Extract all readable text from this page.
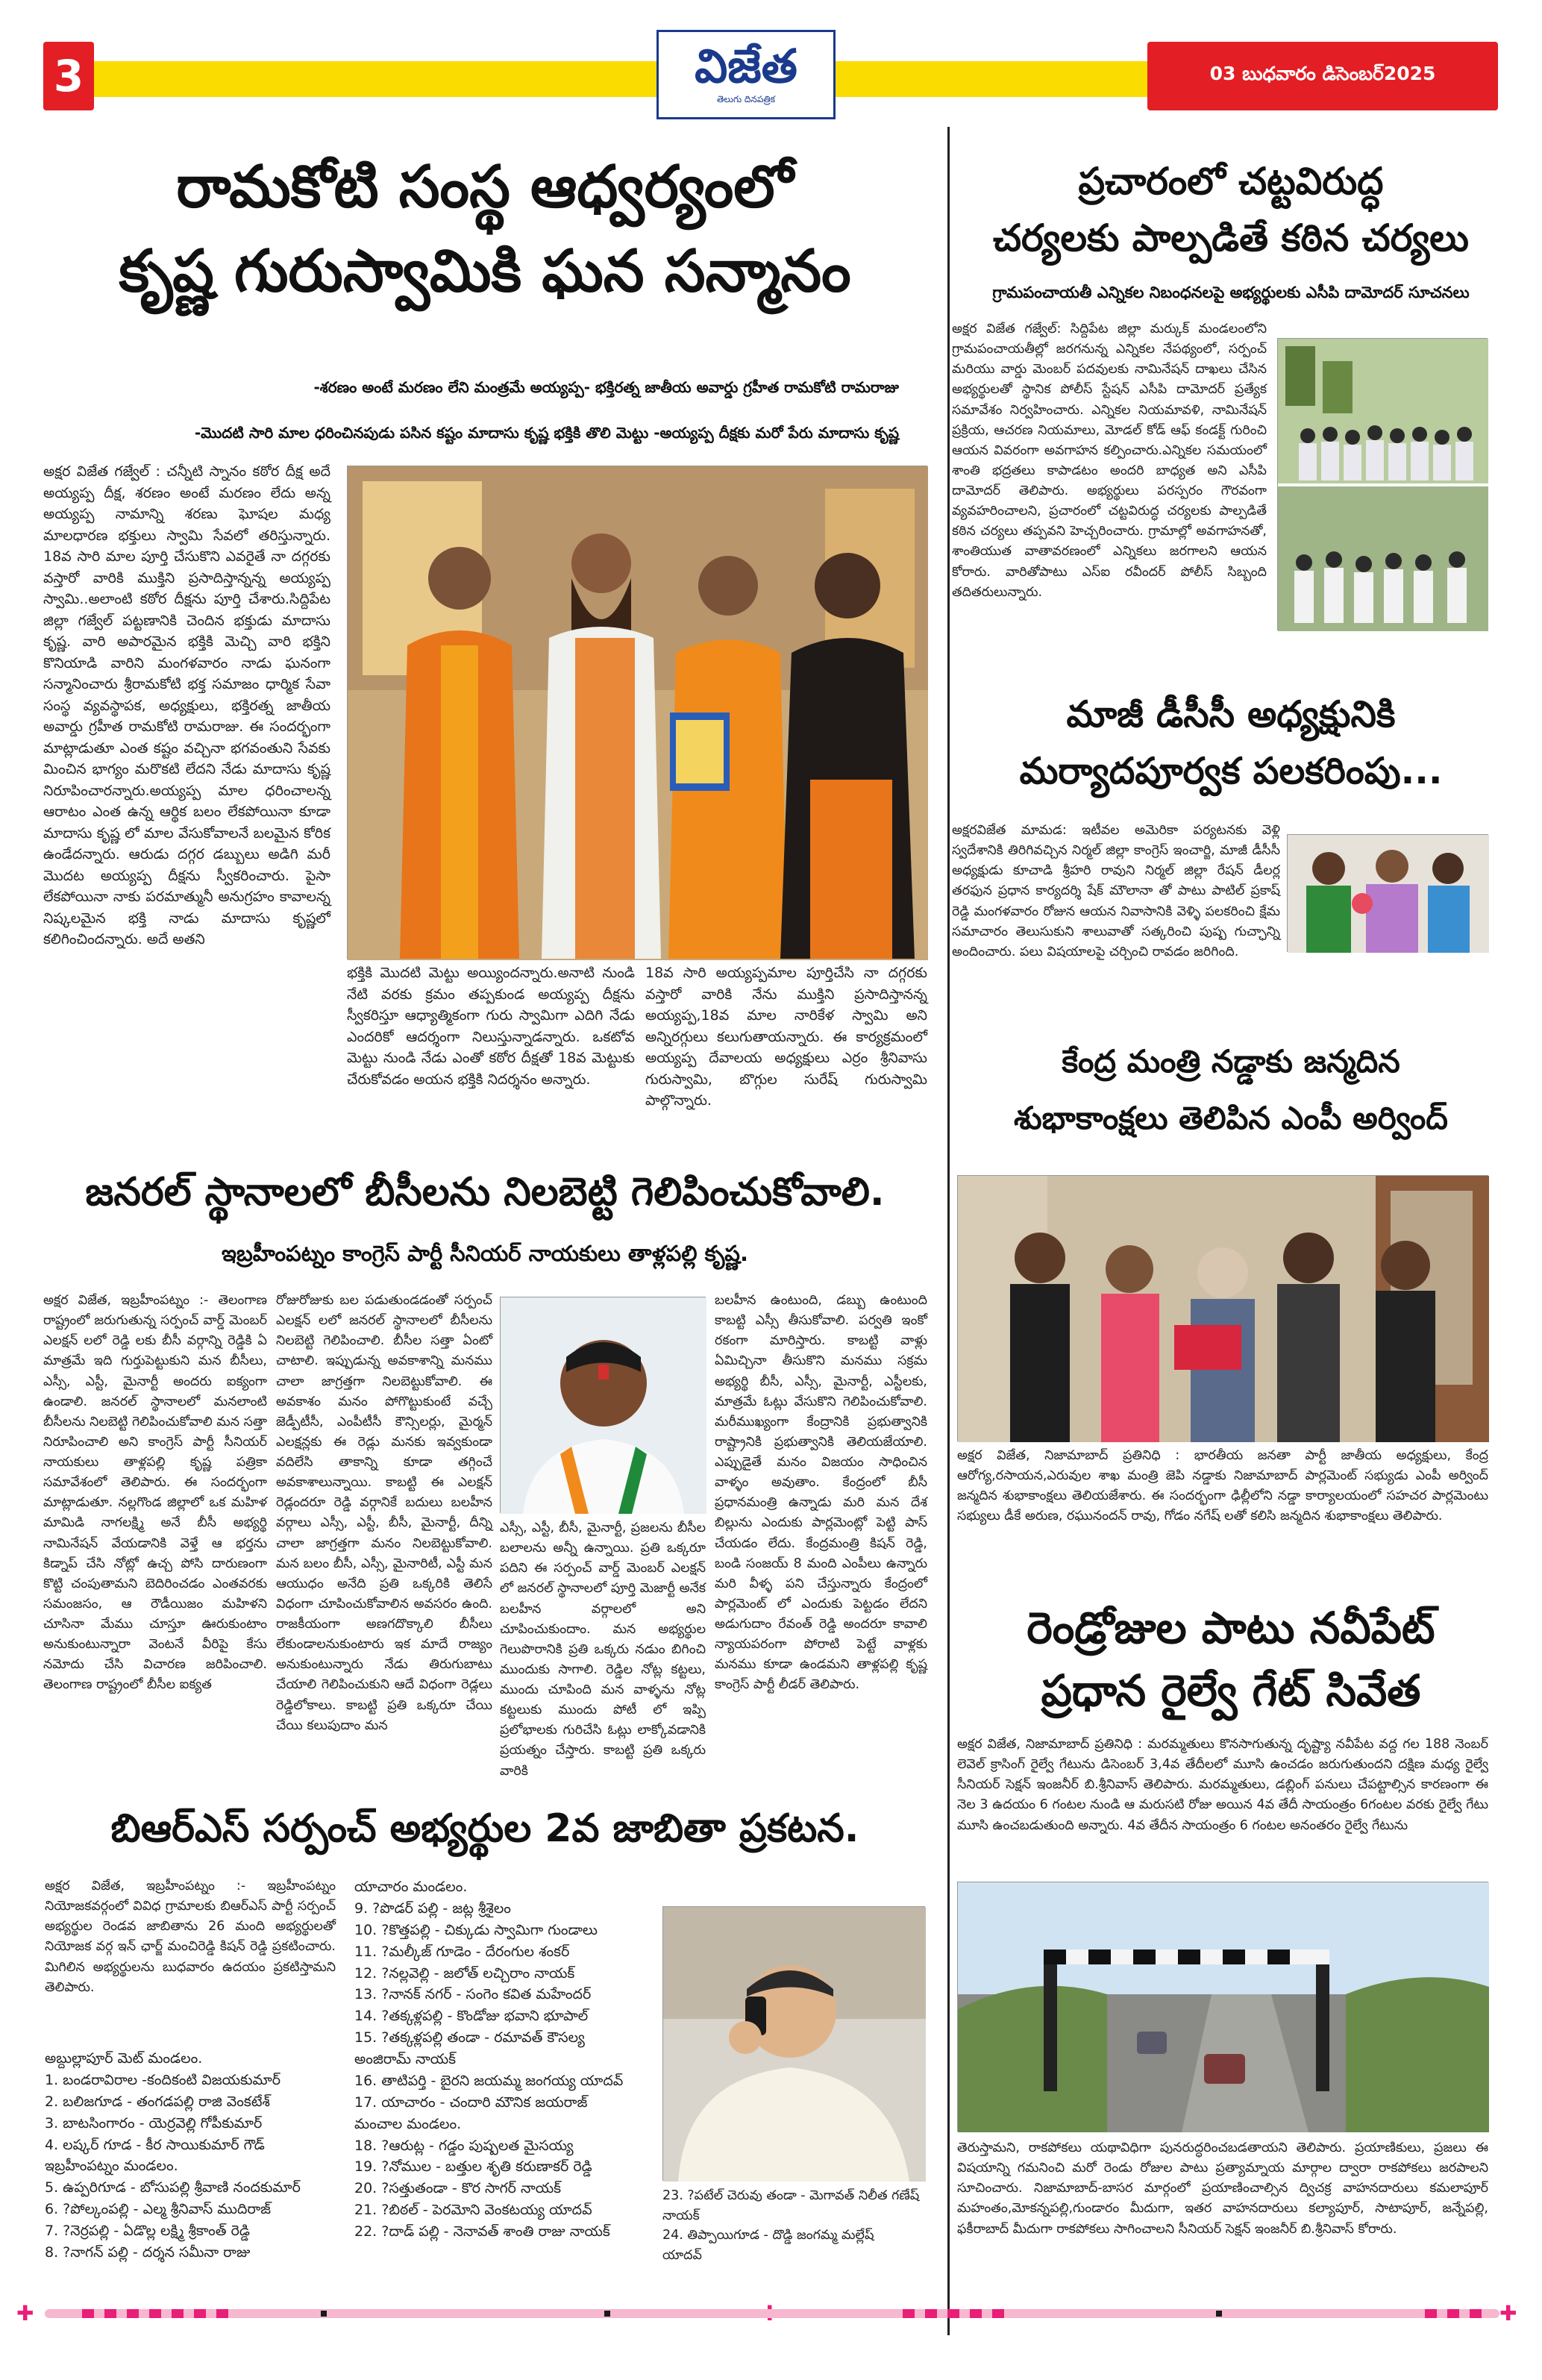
3	విజేత
తెలుగు దినపత్రిక
03 బుధవారం డిసెంబర్2025
రామకోటి సంస్థ ఆధ్వర్యంలో
కృష్ణ గురుస్వామికి ఘన సన్మానం
-శరణం అంటే మరణం లేని మంత్రమే అయ్యప్ప- భక్తిరత్న జాతీయ అవార్డు గ్రహీత రామకోటి రామరాజు
-మొదటి సారి మాల ధరించినపుడు పసిన కష్టం మాదాసు కృష్ణ భక్తికి తొలి మెట్టు -అయ్యప్ప దీక్షకు మరో పేరు మాదాసు కృష్ణ
అక్షర విజేత గజ్వేల్ : చన్నీటి స్నానం కఠోర దీక్ష అదే అయ్యప్ప దీక్ష, శరణం అంటే మరణం లేదు అన్న అయ్యప్ప నామాన్ని శరణు ఘోషల మధ్య మాలధారణ భక్తులు స్వామి సేవలో తరిస్తున్నారు. 18వ సారి మాల పూర్తి చేసుకొని ఎవరైతే నా దగ్గరకు వస్తారో వారికి ముక్తిని ప్రసాదిస్తాన్నన్న అయ్యప్ప స్వామి..అలాంటి కఠోర దీక్షను పూర్తి చేశారు.సిద్దిపేట జిల్లా గజ్వేల్ పట్టణానికి చెందిన భక్తుడు మాదాసు కృష్ణ. వారి అపారమైన భక్తికి మెచ్చి వారి భక్తిని కొనియాడి వారిని మంగళవారం నాడు ఘనంగా సన్మానించారు శ్రీరామకోటి భక్త సమాజం ధార్మిక సేవా సంస్థ వ్యవస్థాపక, అధ్యక్షులు, భక్తిరత్న జాతీయ అవార్డు గ్రహీత రామకోటి రామరాజు. ఈ సందర్భంగా మాట్లాడుతూ ఎంత కష్టం వచ్చినా భగవంతుని సేవకు మించిన భాగ్యం మరొకటి లేదని నేడు మాదాసు కృష్ణ నిరూపించారన్నారు.అయ్యప్ప మాల ధరించాలన్న ఆరాటం ఎంత ఉన్న ఆర్థిక బలం లేకపోయినా కూడా మాదాసు కృష్ణ లో మాల వేసుకోవాలనే బలమైన కోరిక ఉండేదన్నారు. ఆరుడు దగ్గర డబ్బులు అడిగి మరీ మొదట అయ్యప్ప దీక్షను స్వీకరించారు. పైసా లేకపోయినా నాకు పరమాత్మునీ అనుగ్రహం కావాలన్న నిష్కలమైన భక్తి నాడు మాదాసు కృష్ణలో కలిగించిందన్నారు. అదే అతని
భక్తికి మొదటి మెట్టు అయ్యిందన్నారు.అనాటి నుండి నేటి వరకు క్రమం తప్పకుండ అయ్యప్ప దీక్షను స్వీకరిస్తూ ఆధ్యాత్మికంగా గురు స్వామిగా ఎదిగి నేడు ఎందరికో ఆదర్శంగా నిలుస్తున్నాడన్నారు. ఒకటోవ మెట్టు నుండి నేడు ఎంతో కఠోర దీక్షతో 18వ మెట్టుకు చేరుకోవడం అయన భక్తికి నిదర్శనం అన్నారు.
18వ సారి అయ్యప్పమాల పూర్తిచేసి నా దగ్గరకు వస్తారో వారికి నేను ముక్తిని ప్రసాదిస్తానన్న అయ్యప్ప,18వ మాల నారికేళ స్వామి అని అన్నిరగ్గులు కలుగుతాయన్నారు. ఈ కార్యక్రమంలో అయ్యప్ప దేవాలయ అధ్యక్షులు ఎర్రం శ్రీనివాసు గురుస్వామి, బొగ్గుల సురేష్ గురుస్వామి పాల్గొన్నారు.
జనరల్ స్థానాలలో బీసీలను నిలబెట్టి గెలిపించుకోవాలి.
ఇబ్రహీంపట్నం కాంగ్రెస్ పార్టీ సీనియర్ నాయకులు తాళ్లపల్లి కృష్ణ.
అక్షర విజేత, ఇబ్రహీంపట్నం :- తెలంగాణ రాష్ట్రంలో జరుగుతున్న సర్పంచ్ వార్డ్ మెంబర్ ఎలక్షన్ లలో రెడ్డి లకు బీసీ వర్గాన్ని రెడ్డికి ఏ మాత్రమే ఇది గుర్తుపెట్టుకుని మన బీసీలు, ఎస్సీ, ఎస్టీ, మైనార్టీ అందరు ఐక్యంగా ఉండాలి. జనరల్ స్థానాలలో మనలాంటి బీసీలను నిలబెట్టి గెలిపించుకోవాలి మన సత్తా నిరూపించాలి అని కాంగ్రెస్ పార్టీ సీనియర్ నాయకులు తాళ్లపల్లి కృష్ణ పత్రికా సమావేశంలో తెలిపారు. ఈ సందర్భంగా మాట్లాడుతూ. నల్లగొండ జిల్లాలో ఒక మహిళ మామిడి నాగలక్ష్మి అనే బీసీ అభ్యర్థి నామినేషన్ వేయడానికి వెళ్తే ఆ భర్తను కిడ్నాప్ చేసి నోట్లో ఉచ్చ పోసి దారుణంగా కొట్టి చంపుతామని బెదిరించడం ఎంతవరకు సమంజసం, ఆ రౌడీయిజం మహిళని చూసినా మేము చూస్తూ ఊరుకుంటాం అనుకుంటున్నారా వెంటనే వీరిపై కేసు నమోదు చేసి విచారణ జరిపించాలి. తెలంగాణ రాష్ట్రంలో బీసీల ఐక్యత
రోజురోజుకు బల పడుతుండడంతో సర్పంచ్ ఎలక్షన్ లలో జనరల్ స్థానాలలో బీసీలను నిలబెట్టి గెలిపించాలి. బీసీల సత్తా ఏంటో చాటాలి. ఇప్పుడున్న అవకాశాన్ని మనము చాలా జాగ్రత్తగా నిలబెట్టుకోవాలి. ఈ అవకాశం మనం పోగొట్టుకుంటే వచ్చే జెడ్పీటీసీ, ఎంపీటీసీ కౌన్సిలర్లు, మైర్మన్ ఎలక్షన్లకు ఈ రెడ్లు మనకు ఇవ్వకుండా వదిలేసి తాకాన్ని కూడా తగ్గించే అవకాశాలున్నాయి. కాబట్టి ఈ ఎలక్షన్ రెడ్లందరూ రెడ్డి వర్గానికే బదులు బలహీన వర్గాలు ఎస్సీ, ఎస్టీ, బీసీ, మైనార్టీ, దీన్ని చాలా జాగ్రత్తగా మనం నిలబెట్టుకోవాలి. మన బలం బీసీ, ఎస్సీ, మైనారిటీ, ఎస్టీ మన ఆయుధం అనేది ప్రతి ఒక్కరికి తెలిసే విధంగా చూపించుకోవాలిన అవసరం ఉంది. రాజకీయంగా అణగదొక్కాలి బీసీలు లేకుండాలనుకుంటారు ఇక మాదే రాజ్యం అనుకుంటున్నారు నేడు తిరుగుబాటు చేయాలి గెలిపించుకుని ఆదే విధంగా రెడ్లలు రెడ్డిలోకాలు. కాబట్టి ప్రతి ఒక్కరూ చేయి చేయి కలుపుదాం మన
ఎస్సీ, ఎస్టీ, బీసీ, మైనార్టీ, ప్రజలను బీసీల బలాలను అన్నీ ఉన్నాయి. ప్రతి ఒక్కరూ పదిని ఈ సర్పంచ్ వార్డ్ మెంబర్ ఎలక్షన్ లో జనరల్ స్థానాలలో పూర్తి మెజార్టీ అనేక బలహీన వర్గాలలో అని చూపించుకుందాం. మన అభ్యర్థుల గెలుపొరానికి ప్రతి ఒక్కరు నడుం బిగించి ముందుకు సాగాలి. రెడ్డిల నోట్ల కట్టలు, ముందు చూపింది మన వాళ్ళను నోట్ల కట్టలుకు ముందు పోటీ లో ఇప్పి ప్రలోభాలకు గురిచేసి ఓట్లు లాక్కోవడానికి ప్రయత్నం చేస్తారు. కాబట్టి ప్రతి ఒక్కరు వారికి
బలహీన ఉంటుంది, డబ్బు ఉంటుంది కాబట్టి ఎస్సీ తీసుకోవాలి. పర్వతి ఇంకో రకంగా మారిస్తారు. కాబట్టి వాళ్లు ఏమిచ్చినా తీసుకొని మనము సక్రమ అభ్యర్థి బీసీ, ఎస్సీ, మైనార్టీ, ఎస్టీలకు, మాత్రమే ఓట్లు వేసుకొని గెలిపించుకోవాలి. మరీముఖ్యంగా కేంద్రానికి ప్రభుత్వానికి రాష్ట్రానికి ప్రభుత్వానికి తెలియజేయాలి. ఎప్పుడైతే మనం విజయం సాధించిన వాళ్ళం అవుతాం. కేంద్రంలో బీసీ ప్రధానమంత్రి ఉన్నాడు మరి మన దేశ బిల్లును ఎందుకు పార్లమెంట్లో పెట్టి పాస్ చేయడం లేదు. కేంద్రమంత్రి కిషన్ రెడ్డి, బండి సంజయ్ 8 మంది ఎంపీలు ఉన్నారు మరి వీళ్ళ పని చేస్తున్నారు కేంద్రంలో పార్లమెంట్ లో ఎందుకు పెట్టడం లేదని అడుగుదాం రేవంత్ రెడ్డి అందరూ కావాలి న్యాయపరంగా పోరాటి పెట్టే వాళ్లకు మనము కూడా ఉండమని తాళ్లపల్లి కృష్ణ కాంగ్రెస్ పార్టీ లీడర్ తెలిపారు.
బిఆర్ఎస్ సర్పంచ్ అభ్యర్థుల 2వ జాబితా ప్రకటన.
అక్షర విజేత, ఇబ్రహీంపట్నం :- ఇబ్రహీంపట్నం నియోజకవర్గంలో వివిధ గ్రామాలకు బిఆర్ఎస్ పార్టీ సర్పంచ్ అభ్యర్థుల రెండవ జాబితాను 26 మంది అభ్యర్థులతో నియోజక వర్గ ఇన్ ఛార్జ్ మంచిరెడ్డి కిషన్ రెడ్డి ప్రకటించారు. మిగిలిన అభ్యర్థులను బుధవారం ఉదయం ప్రకటిస్తామని తెలిపారు.
అబ్దుల్లాపూర్ మెట్ మండలం.
1. బండరావిరాల -కందికంటి విజయకుమార్
2. బలిజగూడ - తంగడపల్లి రాజి వెంకటేశ్
3. బాటసింగారం - యెర్రవెల్లి గోపీకుమార్
4. లష్కర్ గూడ - కీర సాయికుమార్ గౌడ్
ఇబ్రహీంపట్నం మండలం.
5. ఉప్పరిగూడ - బోసుపల్లి శ్రీవాణి నందకుమార్
6. ?పోల్కంపల్లి - ఎల్మ శ్రీనివాస్ ముదిరాజ్
7. ?నెర్రపల్లి - ఏడొల్ల లక్ష్మి శ్రీకాంత్ రెడ్డి
8. ?నాగన్ పల్లి - దర్శన సమీనా రాజు
యాచారం మండలం.
9. ?పొడర్ పల్లి - జట్ల శ్రీశైలం
10. ?కొత్తపల్లి - చిక్కుడు స్వామిగా గుండాలు
11. ?మల్కీజ్ గూడెం - దేరంగుల శంకర్
12. ?నల్లవెల్లి - జలోత్ లచ్చిరాం నాయక్
13. ?నానక్ నగర్ - సంగెం కవిత మహేందర్
14. ?తక్కళ్లపల్లి - కొండోజు భవాని భూపాల్
15. ?తక్కళ్లపల్లి తండా - రమావత్ కౌసల్య
అంజిరామ్ నాయక్
16. తాటిపర్తి - బైరని జయమ్మ జంగయ్య యాదవ్
17. యాచారం - చందారి మౌనిక జయరాజ్
మంచాల మండలం.
18. ?ఆరుట్ల - గడ్డం పుష్పలత మైసయ్య
19. ?నోముల - బత్తుల శృతి కరుణాకర్ రెడ్డి
20. ?సత్తుతండా - కొర సాగర్ నాయక్
21. ?బిఠల్ - పెరమోని వెంకటయ్య యాదవ్
22. ?దాడ్ పల్లి - నెనావత్ శాంతి రాజు నాయక్
23. ?పటేల్ చెరువు తండా - మెగావత్ నిలీత గణేష్
నాయక్
24. తిప్పాయిగూడ - దొడ్డి జంగమ్మ మల్లేష్
యాదవ్
ప్రచారంలో చట్టవిరుద్ధ
చర్యలకు పాల్పడితే కఠిన చర్యలు
గ్రామపంచాయతీ ఎన్నికల నిబంధనలపై అభ్యర్థులకు ఎసీపి దామోదర్ సూచనలు
అక్షర విజేత గజ్వేల్: సిద్దిపేట జిల్లా మర్కుక్ మండలంలోని గ్రామపంచాయతీల్లో జరగనున్న ఎన్నికల నేపథ్యంలో, సర్పంచ్ మరియు వార్డు మెంబర్ పదవులకు నామినేషన్ దాఖలు చేసిన అభ్యర్థులతో స్థానిక పోలీస్ స్టేషన్ ఎసీపి దామోదర్ ప్రత్యేక సమావేశం నిర్వహించారు. ఎన్నికల నియమావళి, నామినేషన్ ప్రక్రియ, ఆచరణ నియమాలు, మోడల్ కోడ్ ఆఫ్ కండక్ట్ గురించి ఆయన వివరంగా అవగాహన కల్పించారు.ఎన్నికల సమయంలో శాంతి భద్రతలు కాపాడటం అందరి బాధ్యత అని ఎసీపి దామోదర్ తెలిపారు. అభ్యర్థులు పరస్పరం గౌరవంగా వ్యవహరించాలని, ప్రచారంలో చట్టవిరుద్ధ చర్యలకు పాల్పడితే కఠిన చర్యలు తప్పవని హెచ్చరించారు. గ్రామాల్లో అవగాహనతో, శాంతియుత వాతావరణంలో ఎన్నికలు జరగాలని ఆయన కోరారు. వారితోపాటు ఎస్ఐ రవీందర్ పోలీస్ సిబ్బంది తదితరులున్నారు.
మాజీ డీసీసీ అధ్యక్షునికి
మర్యాదపూర్వక పలకరింపు...
అక్షరవిజేత మామడ: ఇటీవల అమెరికా పర్యటనకు వెళ్లి స్వదేశానికి తిరిగివచ్చిన నిర్మల్ జిల్లా కాంగ్రెస్ ఇంచార్జి, మాజీ డీసీసీ అధ్యక్షుడు కూచాడి శ్రీహరి రావుని నిర్మల్ జిల్లా రేషన్ డీలర్ల తరఫున ప్రధాన కార్యదర్శి షేక్ మౌలానా తో పాటు పాటిల్ ప్రకాష్ రెడ్డి మంగళవారం రోజున ఆయన నివాసానికి వెళ్ళి పలకరించి క్షేమ సమాచారం తెలుసుకుని శాలువాతో సత్కరించి పుష్ప గుచ్ఛాన్ని అందించారు. పలు విషయాలపై చర్చించి రావడం జరిగింది.
కేంద్ర మంత్రి నడ్డాకు జన్మదిన
శుభాకాంక్షలు తెలిపిన ఎంపీ అర్వింద్
అక్షర విజేత, నిజామాబాద్ ప్రతినిధి : భారతీయ జనతా పార్టీ జాతీయ అధ్యక్షులు, కేంద్ర ఆరోగ్య,రసాయన,ఎరువుల శాఖ మంత్రి జెపి నడ్డాకు నిజామాబాద్ పార్లమెంట్ సభ్యుడు ఎంపీ అర్వింద్ జన్మదిన శుభాకాంక్షలు తెలియజేశారు. ఈ సందర్భంగా ఢిల్లీలోని నడ్డా కార్యాలయంలో సహచర పార్లమెంటు సభ్యులు డీకే అరుణ, రఘునందన్ రావు, గోడం నగేష్ లతో కలిసి జన్మదిన శుభాకాంక్షలు తెలిపారు.
రెండ్రోజుల పాటు నవీపేట్
ప్రధాన రైల్వే గేట్ సివేత
అక్షర విజేత, నిజామాబాద్ ప్రతినిధి : మరమ్మతులు కొనసాగుతున్న దృష్ట్యా నవీపేట వద్ద గల 188 నెంబర్ లెవెల్ క్రాసింగ్ రైల్వే గేటును డిసెంబర్ 3,4వ తేదీలలో మూసి ఉంచడం జరుగుతుందని దక్షిణ మధ్య రైల్వే సీనియర్ సెక్షన్ ఇంజనీర్ బి.శ్రీనివాస్ తెలిపారు. మరమ్మతులు, డబ్లింగ్ పనులు చేపట్టాల్సిన కారణంగా ఈ నెల 3 ఉదయం 6 గంటల నుండి ఆ మరుసటి రోజు అయిన 4వ తేదీ సాయంత్రం 6గంటల వరకు రైల్వే గేటు మూసి ఉంచబడుతుంది అన్నారు. 4వ తేదీన సాయంత్రం 6 గంటల అనంతరం రైల్వే గేటును
తెరుస్తామని, రాకపోకలు యథావిధిగా పునరుద్ధరించబడతాయని తెలిపారు. ప్రయాణికులు, ప్రజలు ఈ విషయాన్ని గమనించి మరో రెండు రోజుల పాటు ప్రత్యామ్నాయ మార్గాల ద్వారా రాకపోకలు జరపాలని సూచించారు. నిజామాబాద్-బాసర మార్గంలో ప్రయాణించాల్సిన ద్విచక్ర వాహనదారులు కమలాపూర్ మహంతం,మోకన్నపల్లి,గుండారం మీదుగా, ఇతర వాహనదారులు కల్యాపూర్, సాటాపూర్, జన్నేపల్లి, ఫకీరాబాద్ మీదుగా రాకపోకలు సాగించాలని సీనియర్ సెక్షన్ ఇంజనీర్ బి.శ్రీనివాస్ కోరారు.
✚	✚
